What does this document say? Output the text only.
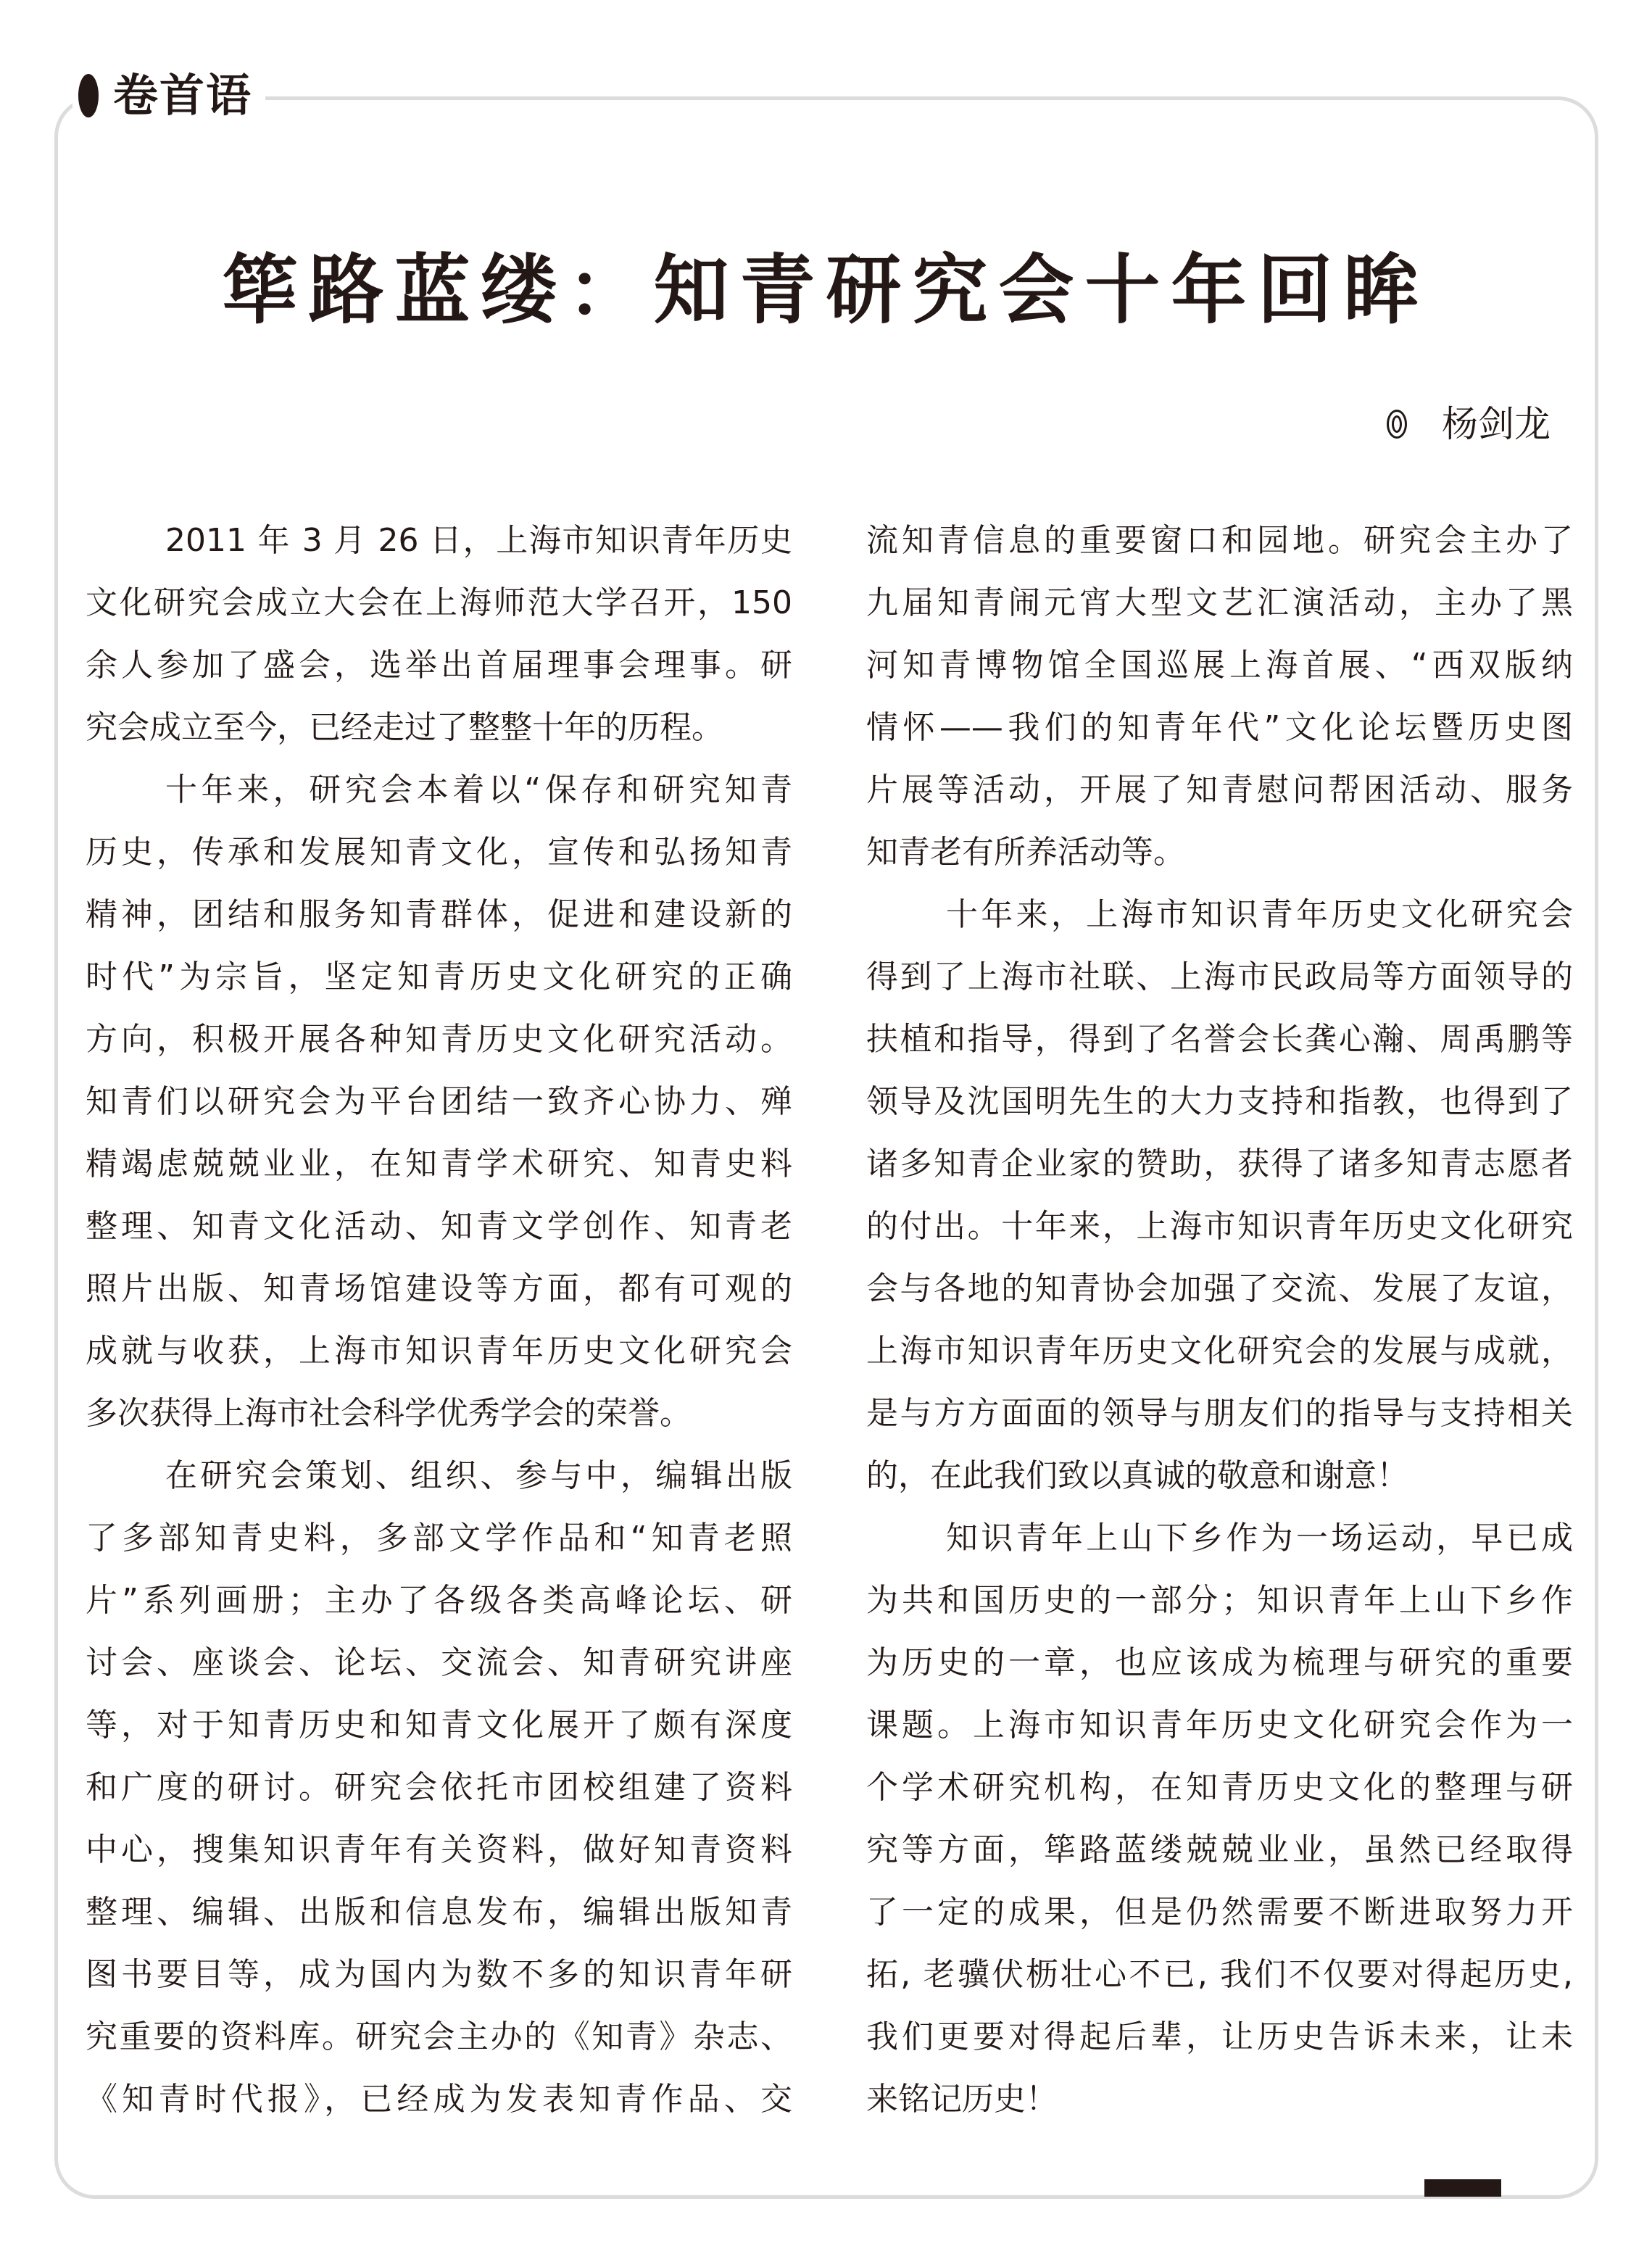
卷首语
筚路蓝缕：知青研究会十年回眸
杨剑龙
2011 年 3 月 26 日，上海市知识青年历史
文化研究会成立大会在上海师范大学召开，150
余人参加了盛会，选举出首届理事会理事。研
究会成立至今，已经走过了整整十年的历程。
十年来，研究会本着以“保存和研究知青
历史，传承和发展知青文化，宣传和弘扬知青
精神，团结和服务知青群体，促进和建设新的
时代”为宗旨，坚定知青历史文化研究的正确
方向，积极开展各种知青历史文化研究活动。
知青们以研究会为平台团结一致齐心协力、殚
精竭虑兢兢业业，在知青学术研究、知青史料
整理、知青文化活动、知青文学创作、知青老
照片出版、知青场馆建设等方面，都有可观的
成就与收获，上海市知识青年历史文化研究会
多次获得上海市社会科学优秀学会的荣誉。
在研究会策划、组织、参与中，编辑出版
了多部知青史料，多部文学作品和“知青老照
片”系列画册；主办了各级各类高峰论坛、研
讨会、座谈会、论坛、交流会、知青研究讲座
等，对于知青历史和知青文化展开了颇有深度
和广度的研讨。研究会依托市团校组建了资料
中心，搜集知识青年有关资料，做好知青资料
整理、编辑、出版和信息发布，编辑出版知青
图书要目等，成为国内为数不多的知识青年研
究重要的资料库。研究会主办的《知青》杂志、
《知青时代报》，已经成为发表知青作品、交
流知青信息的重要窗口和园地。研究会主办了
九届知青闹元宵大型文艺汇演活动，主办了黑
河知青博物馆全国巡展上海首展、“西双版纳
情怀——我们的知青年代”文化论坛暨历史图
片展等活动，开展了知青慰问帮困活动、服务
知青老有所养活动等。
十年来，上海市知识青年历史文化研究会
得到了上海市社联、上海市民政局等方面领导的
扶植和指导，得到了名誉会长龚心瀚、周禹鹏等
领导及沈国明先生的大力支持和指教，也得到了
诸多知青企业家的赞助，获得了诸多知青志愿者
的付出。十年来，上海市知识青年历史文化研究
会与各地的知青协会加强了交流、发展了友谊，
上海市知识青年历史文化研究会的发展与成就，
是与方方面面的领导与朋友们的指导与支持相关
的，在此我们致以真诚的敬意和谢意！
知识青年上山下乡作为一场运动，早已成
为共和国历史的一部分；知识青年上山下乡作
为历史的一章，也应该成为梳理与研究的重要
课题。上海市知识青年历史文化研究会作为一
个学术研究机构，在知青历史文化的整理与研
究等方面，筚路蓝缕兢兢业业，虽然已经取得
了一定的成果，但是仍然需要不断进取努力开
拓, 老骥伏枥壮心不已, 我们不仅要对得起历史,
我们更要对得起后辈，让历史告诉未来，让未
来铭记历史！
